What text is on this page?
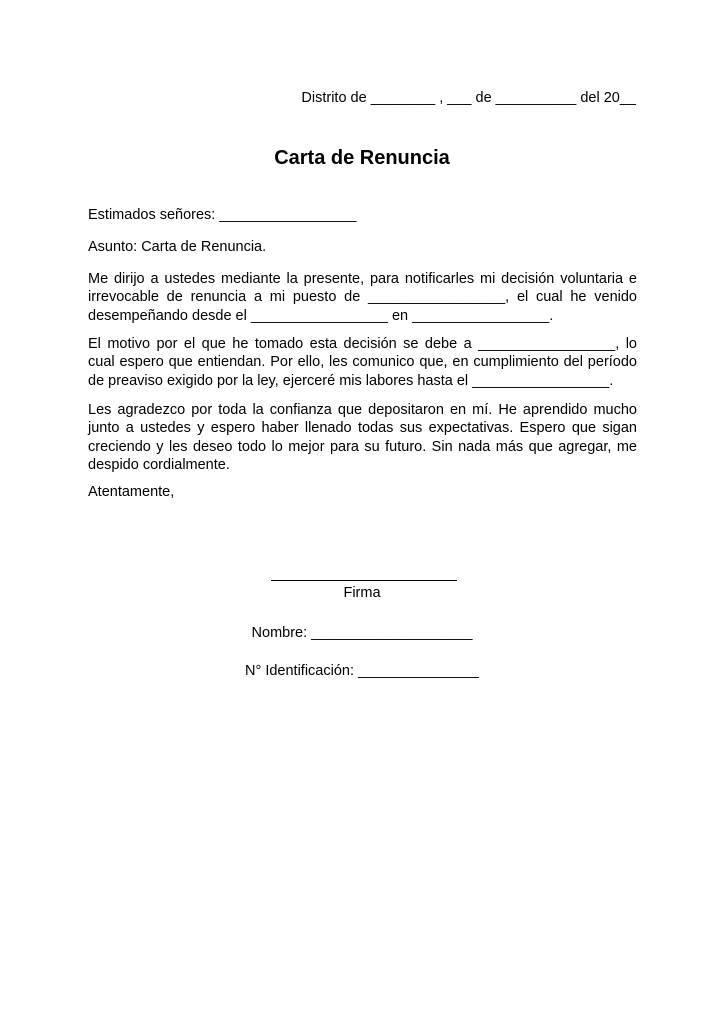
Distrito de ________ , ___ de __________ del 20__
Carta de Renuncia
Estimados señores: _________________
Asunto: Carta de Renuncia.
Me dirijo a ustedes mediante la presente, para notificarles mi decisión voluntaria e
irrevocable de renuncia a mi puesto de _________________, el cual he venido
desempeñando desde el _________________ en _________________.
El motivo por el que he tomado esta decisión se debe a _________________, lo
cual espero que entiendan. Por ello, les comunico que, en cumplimiento del período
de preaviso exigido por la ley, ejerceré mis labores hasta el _________________.
Les agradezco por toda la confianza que depositaron en mí. He aprendido mucho
junto a ustedes y espero haber llenado todas sus expectativas. Espero que sigan
creciendo y les deseo todo lo mejor para su futuro. Sin nada más que agregar, me
despido cordialmente.
Atentamente,
Firma
Nombre: ____________________
N° Identificación: _______________
